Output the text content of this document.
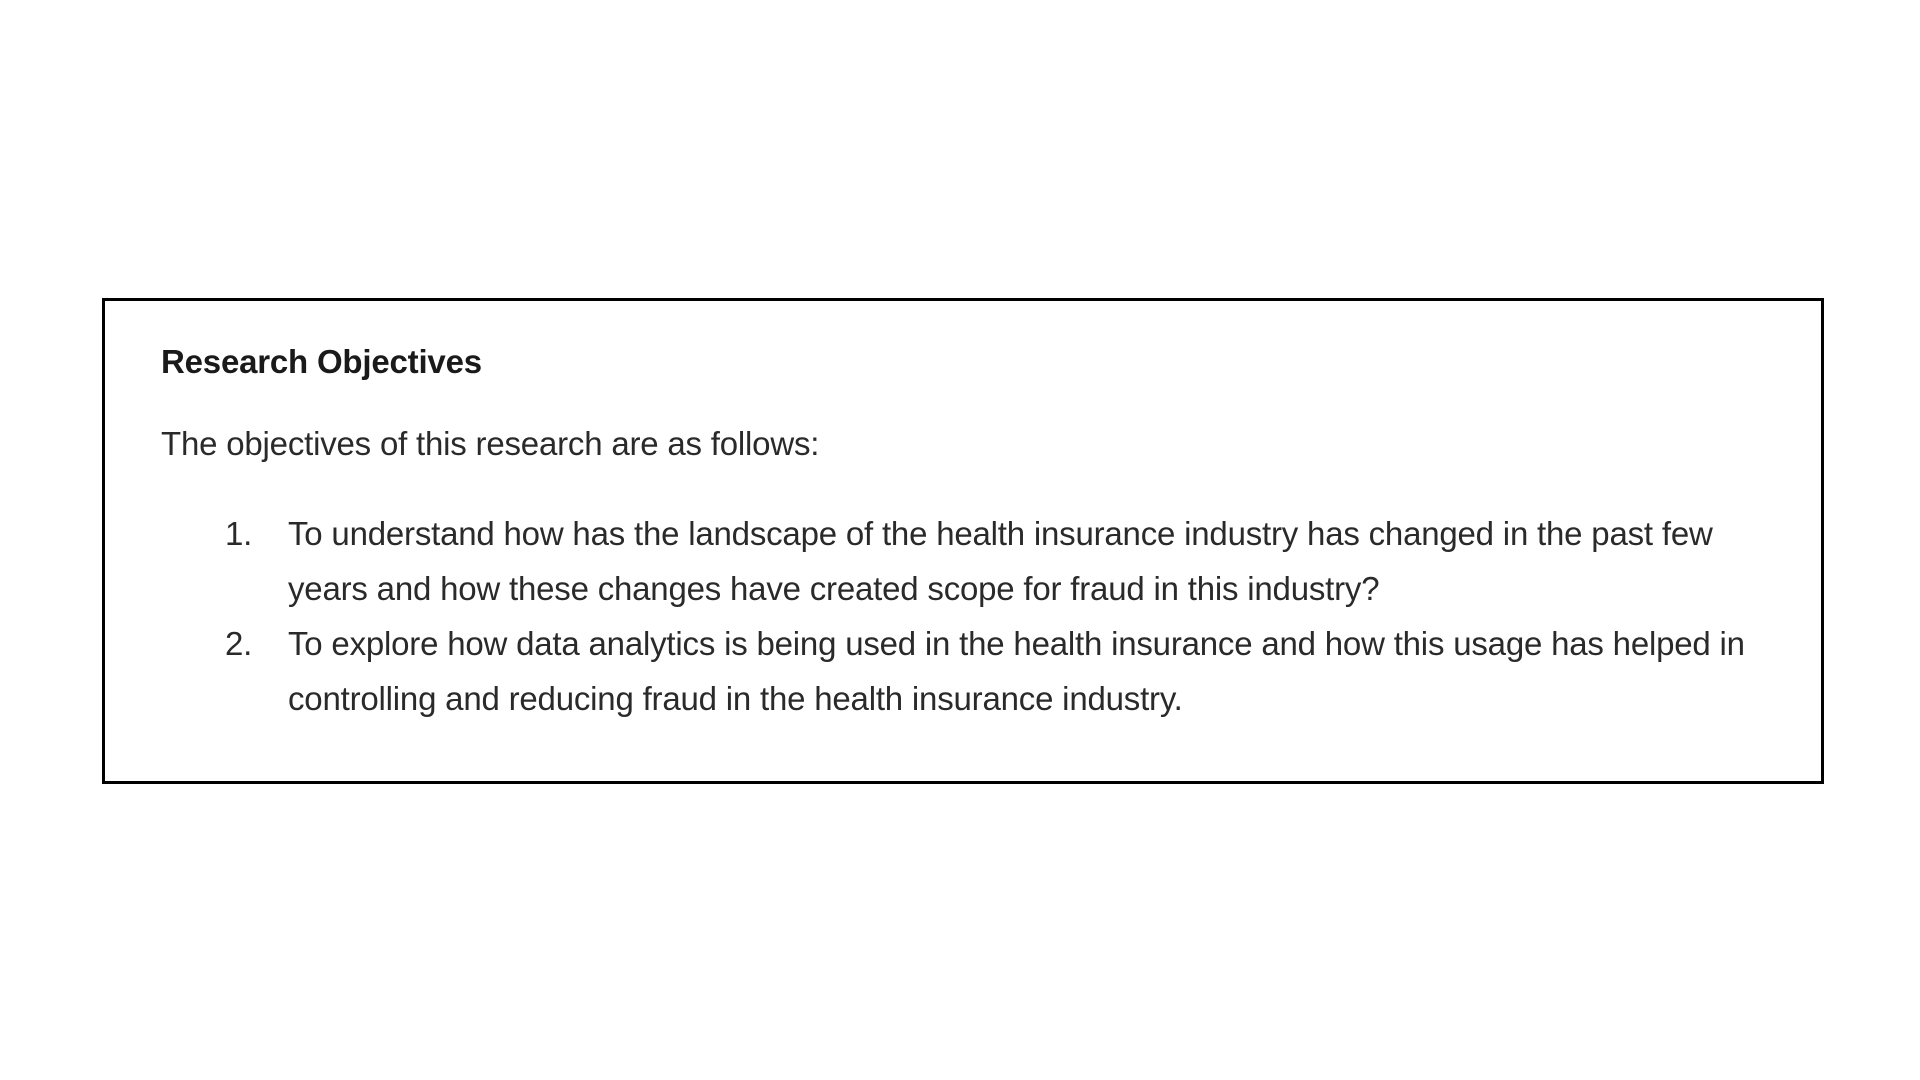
Research Objectives

The objectives of this research are as follows:

1.	To understand how has the landscape of the health insurance industry has changed in the past few years and how these changes have created scope for fraud in this industry?
2.	To explore how data analytics is being used in the health insurance and how this usage has helped in controlling and reducing fraud in the health insurance industry.
